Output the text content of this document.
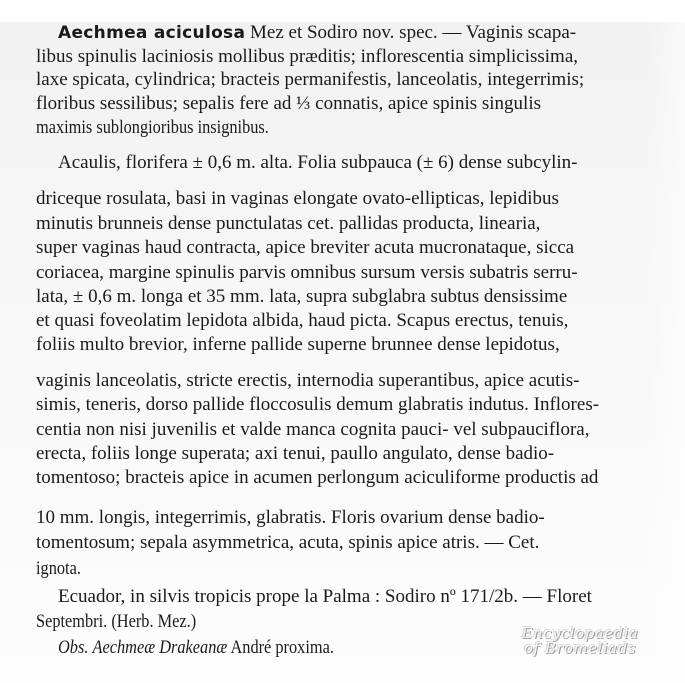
Aechmea aciculosa Mez et Sodiro nov. spec. — Vaginis scapa-
libus spinulis laciniosis mollibus præditis; inflorescentia simplicissima,
laxe spicata, cylindrica; bracteis permanifestis, lanceolatis, integerrimis;
floribus sessilibus; sepalis fere ad ⅓ connatis, apice spinis singulis
maximis sublongioribus insignibus.
Acaulis, florifera ± 0,6 m. alta. Folia subpauca (± 6) dense subcylin-
driceque rosulata, basi in vaginas elongate ovato-ellipticas, lepidibus
minutis brunneis dense punctulatas cet. pallidas producta, linearia,
super vaginas haud contracta, apice breviter acuta mucronataque, sicca
coriacea, margine spinulis parvis omnibus sursum versis subatris serru-
lata, ± 0,6 m. longa et 35 mm. lata, supra subglabra subtus densissime
et quasi foveolatim lepidota albida, haud picta. Scapus erectus, tenuis,
foliis multo brevior, inferne pallide superne brunnee dense lepidotus,
vaginis lanceolatis, stricte erectis, internodia superantibus, apice acutis-
simis, teneris, dorso pallide floccosulis demum glabratis indutus. Inflores-
centia non nisi juvenilis et valde manca cognita pauci- vel subpauciflora,
erecta, foliis longe superata; axi tenui, paullo angulato, dense badio-
tomentoso; bracteis apice in acumen perlongum aciculiforme productis ad
10 mm. longis, integerrimis, glabratis. Floris ovarium dense badio-
tomentosum; sepala asymmetrica, acuta, spinis apice atris. — Cet.
ignota.
Ecuador, in silvis tropicis prope la Palma : Sodiro nº 171/2b. — Floret
Septembri. (Herb. Mez.)
Obs. Aechmeæ Drakeanæ André proxima.
Encyclopaedia
of Bromeliads
